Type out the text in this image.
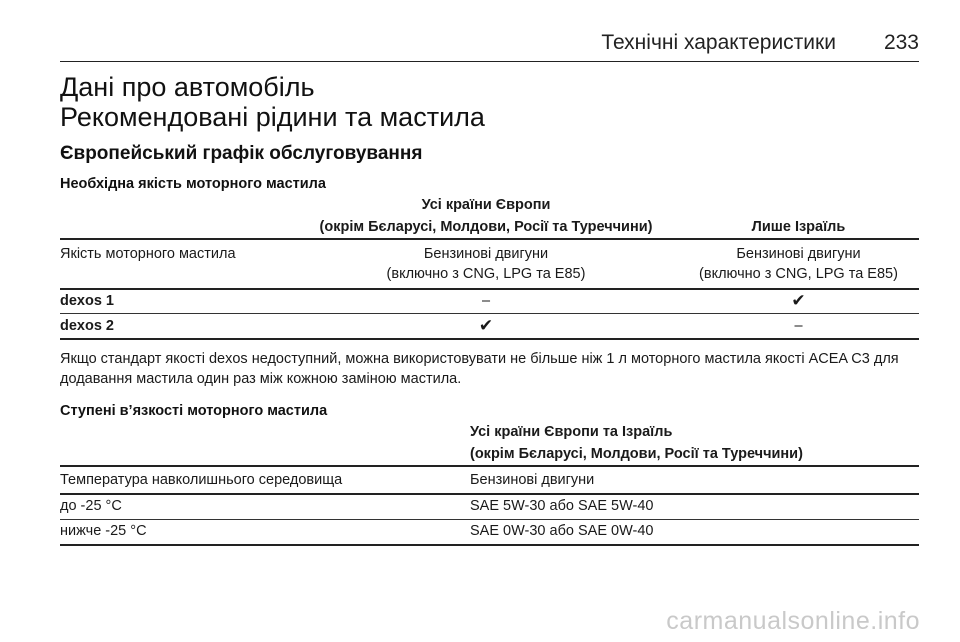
Технічні характеристики 233
Дані про автомобіль
Рекомендовані рідини та мастила
Європейський графік обслуговування
Необхідна якість моторного мастила
Усі країни Європи
(окрім Бєларусі, Молдови, Росії та Туреччини)	Лише Ізраїль
Якість моторного мастила	Бензинові двигуни	Бензинові двигуни
(включно з CNG, LPG та E85)	(включно з CNG, LPG та E85)
dexos 1	–	✔
dexos 2	✔	–
Якщо стандарт якості dexos недоступний, можна використовувати не більше ніж 1 л моторного мастила якості ACEA C3 для додавання мастила один раз між кожною заміною мастила.
Ступені в’язкості моторного мастила
Усі країни Європи та Ізраїль
(окрім Бєларусі, Молдови, Росії та Туреччини)
Температура навколишнього середовища	Бензинові двигуни
до -25 °C	SAE 5W-30 або SAE 5W-40
нижче -25 °C	SAE 0W-30 або SAE 0W-40
carmanualsonline.info
